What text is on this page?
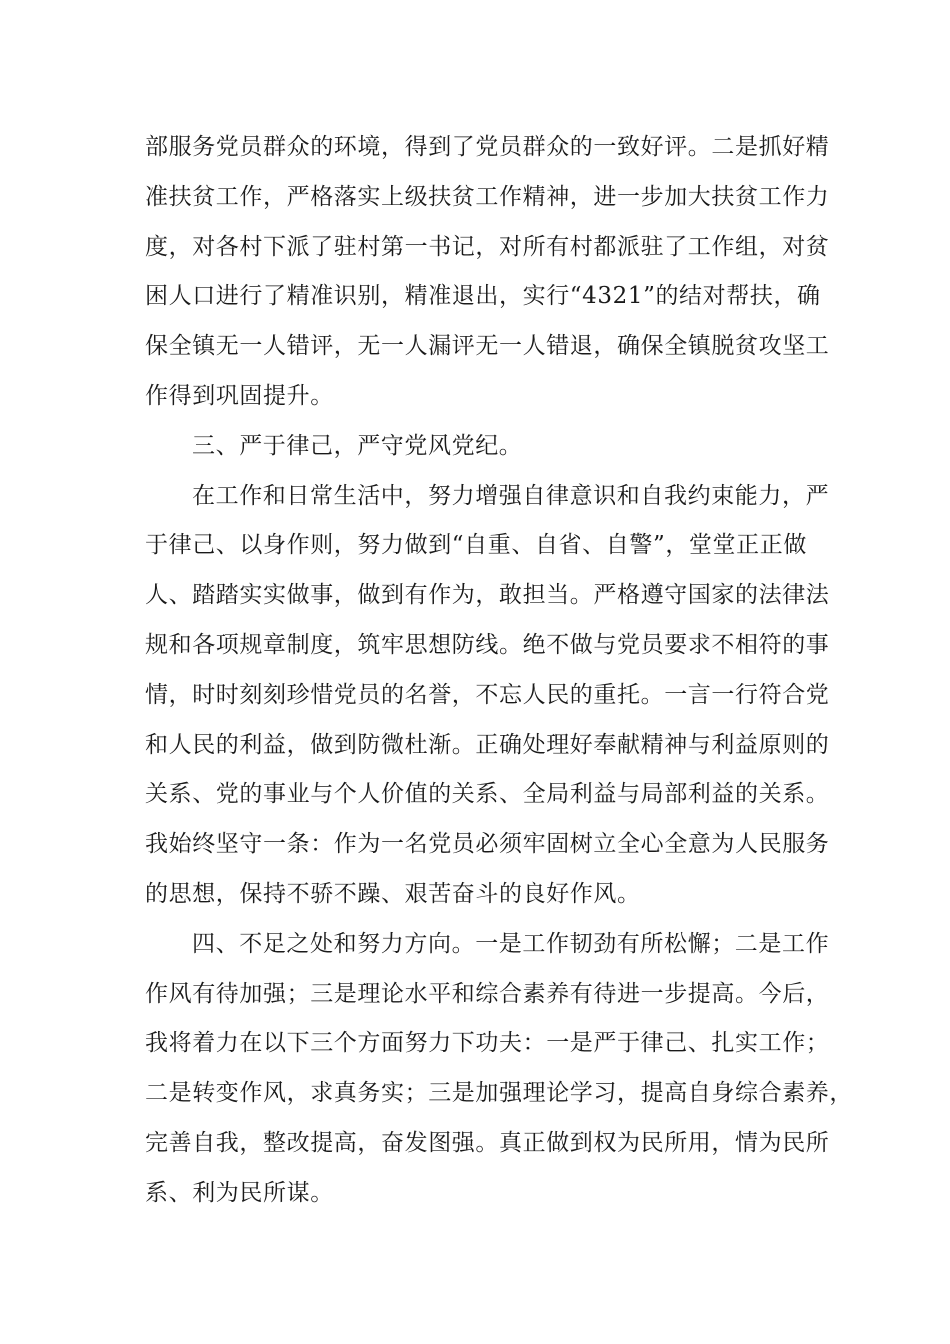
部服务党员群众的环境，得到了党员群众的一致好评。二是抓好精
准扶贫工作，严格落实上级扶贫工作精神，进一步加大扶贫工作力
度，对各村下派了驻村第一书记，对所有村都派驻了工作组，对贫
困人口进行了精准识别，精准退出，实行“4321”的结对帮扶，确
保全镇无一人错评，无一人漏评无一人错退，确保全镇脱贫攻坚工
作得到巩固提升。
三、严于律己，严守党风党纪。
在工作和日常生活中，努力增强自律意识和自我约束能力，严
于律己、以身作则，努力做到“自重、自省、自警”，堂堂正正做
人、踏踏实实做事，做到有作为，敢担当。严格遵守国家的法律法
规和各项规章制度，筑牢思想防线。绝不做与党员要求不相符的事
情，时时刻刻珍惜党员的名誉，不忘人民的重托。一言一行符合党
和人民的利益，做到防微杜渐。正确处理好奉献精神与利益原则的
关系、党的事业与个人价值的关系、全局利益与局部利益的关系。
我始终坚守一条：作为一名党员必须牢固树立全心全意为人民服务
的思想，保持不骄不躁、艰苦奋斗的良好作风。
四、不足之处和努力方向。一是工作韧劲有所松懈；二是工作
作风有待加强；三是理论水平和综合素养有待进一步提高。今后，
我将着力在以下三个方面努力下功夫：一是严于律己、扎实工作；
二是转变作风，求真务实；三是加强理论学习，提高自身综合素养，
完善自我，整改提高，奋发图强。真正做到权为民所用，情为民所
系、利为民所谋。
